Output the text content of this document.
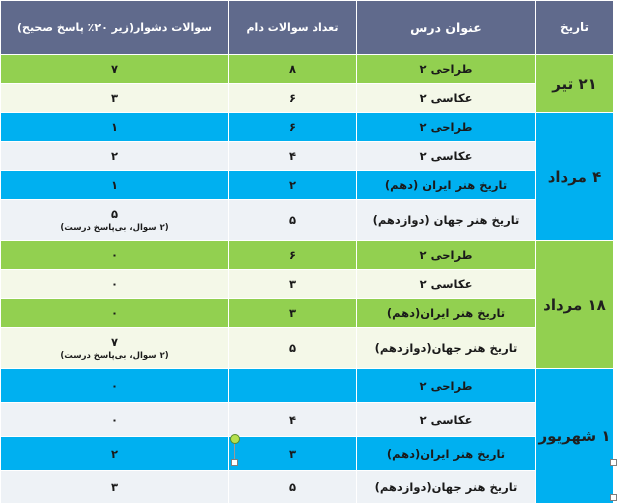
تاریخ	عنوان درس	تعداد سوالات دام	سوالات دشوار(زیر ۲۰٪ پاسخ صحیح)
۲۱ تیر	طراحی ۲	۸	۷
	عکاسی ۲	۶	۳
۴ مرداد	طراحی ۲	۶	۱
	عکاسی ۲	۴	۲
	تاریخ هنر ایران (دهم)	۲	۱
	تاریخ هنر جهان (دوازدهم)	۵	۵
(۲ سوال، بی‌پاسخ درست)

۱۸ مرداد	طراحی ۲	۶	۰
	عکاسی ۲	۳	۰
	تاریخ هنر ایران(دهم)	۳	۰
	تاریخ هنر جهان(دوازدهم)	۵	۷
(۲ سوال، بی‌پاسخ درست)

۱ شهریور	طراحی ۲		۰
	عکاسی ۲	۴	۰
	تاریخ هنر ایران(دهم)	۳	۲
	تاریخ هنر جهان(دوازدهم)	۵	۳
